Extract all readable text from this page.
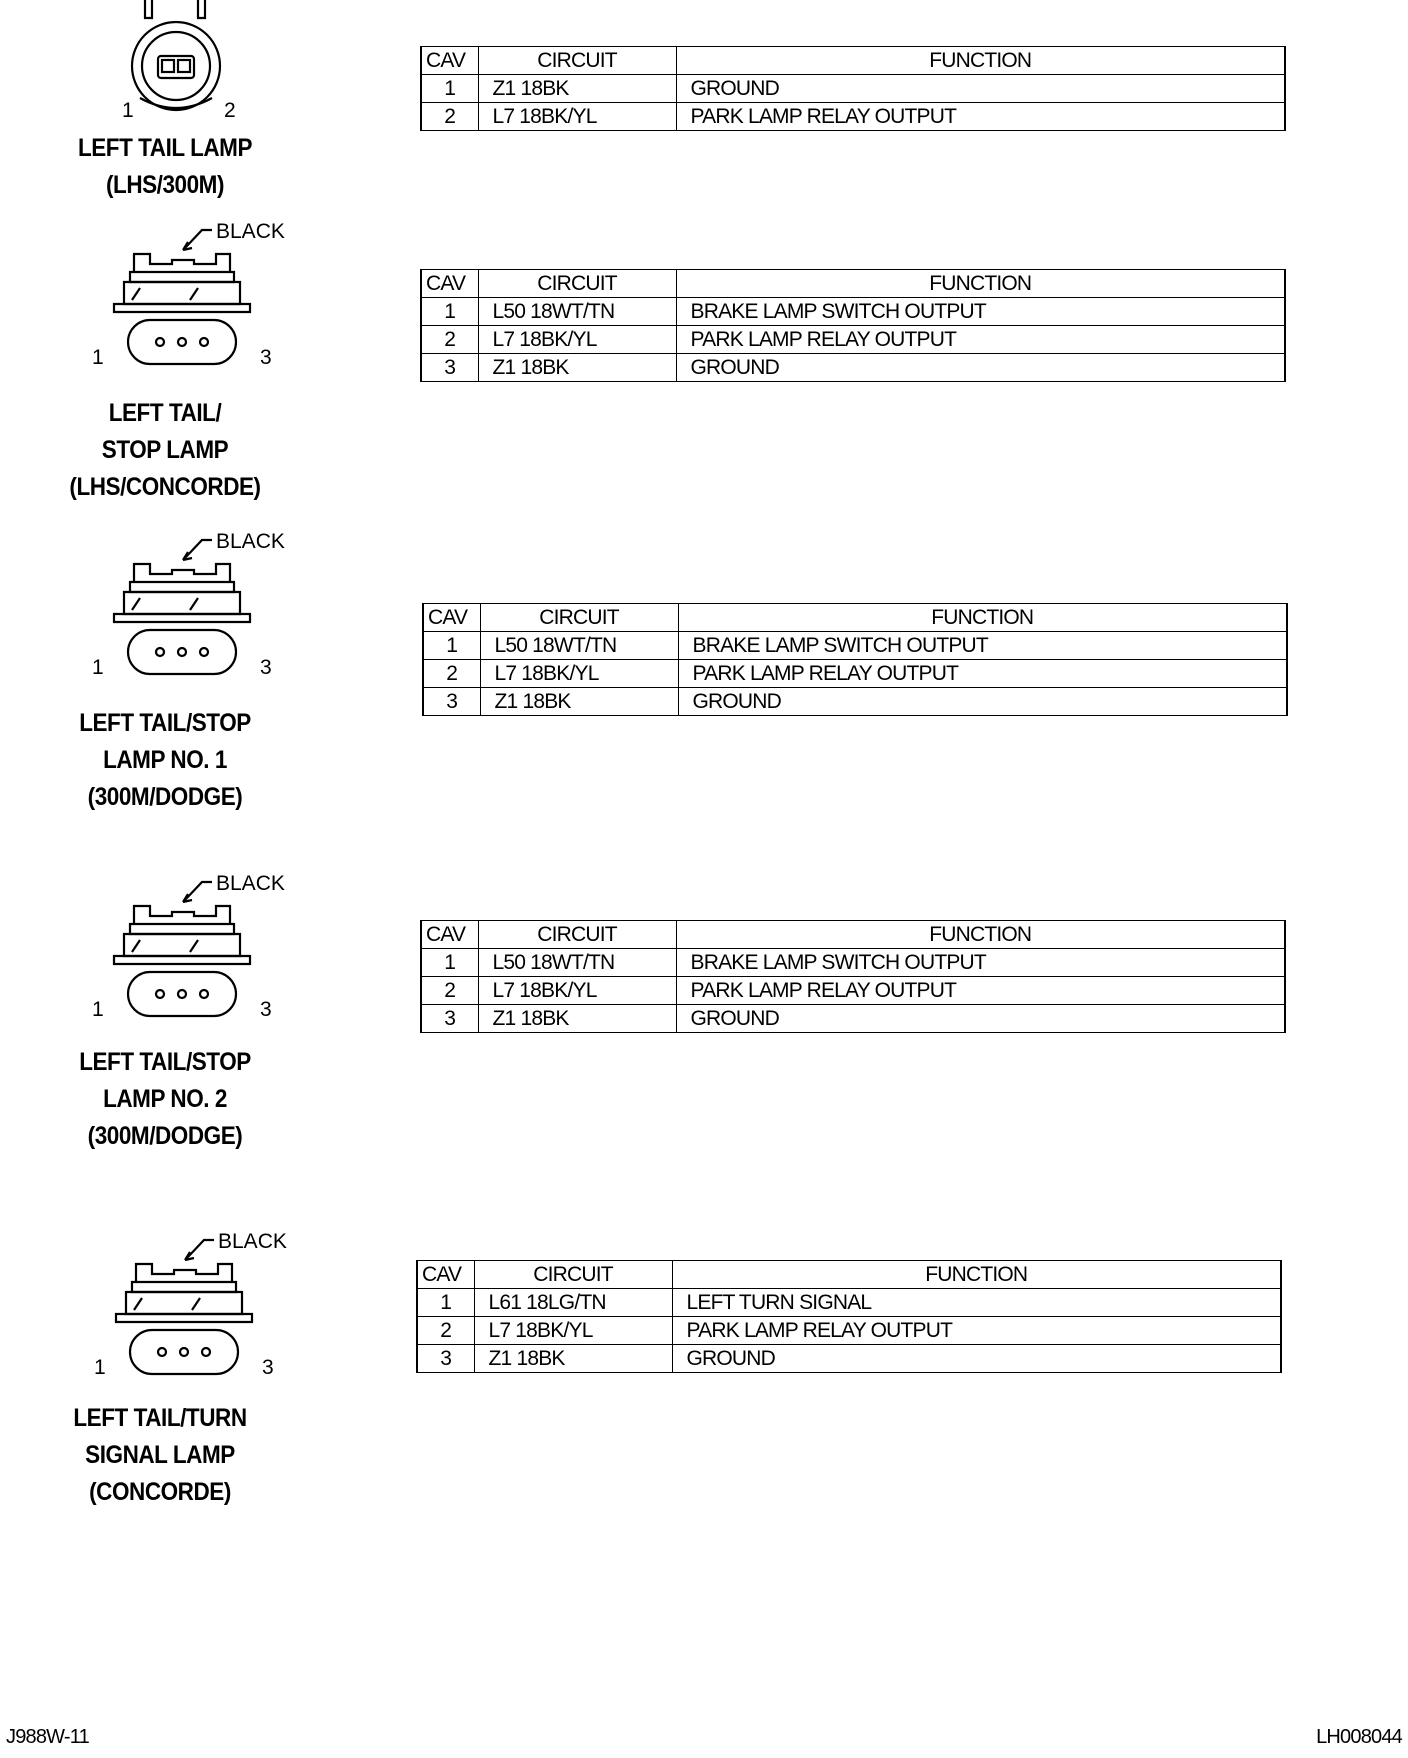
1	2
LEFT TAIL LAMP
(LHS/300M)
CAV	CIRCUIT	FUNCTION
1	Z1 18BK	GROUND
2	L7 18BK/YL	PARK LAMP RELAY OUTPUT
BLACK
1	3
LEFT TAIL/
STOP LAMP
(LHS/CONCORDE)
CAV	CIRCUIT	FUNCTION
1	L50 18WT/TN	BRAKE LAMP SWITCH OUTPUT
2	L7 18BK/YL	PARK LAMP RELAY OUTPUT
3	Z1 18BK	GROUND
BLACK
1	3
LEFT TAIL/STOP
LAMP NO. 1
(300M/DODGE)
CAV	CIRCUIT	FUNCTION
1	L50 18WT/TN	BRAKE LAMP SWITCH OUTPUT
2	L7 18BK/YL	PARK LAMP RELAY OUTPUT
3	Z1 18BK	GROUND
BLACK
1	3
LEFT TAIL/STOP
LAMP NO. 2
(300M/DODGE)
CAV	CIRCUIT	FUNCTION
1	L50 18WT/TN	BRAKE LAMP SWITCH OUTPUT
2	L7 18BK/YL	PARK LAMP RELAY OUTPUT
3	Z1 18BK	GROUND
BLACK
1	3
LEFT TAIL/TURN
SIGNAL LAMP
(CONCORDE)
CAV	CIRCUIT	FUNCTION
1	L61 18LG/TN	LEFT TURN SIGNAL
2	L7 18BK/YL	PARK LAMP RELAY OUTPUT
3	Z1 18BK	GROUND
J988W-11	LH008044
